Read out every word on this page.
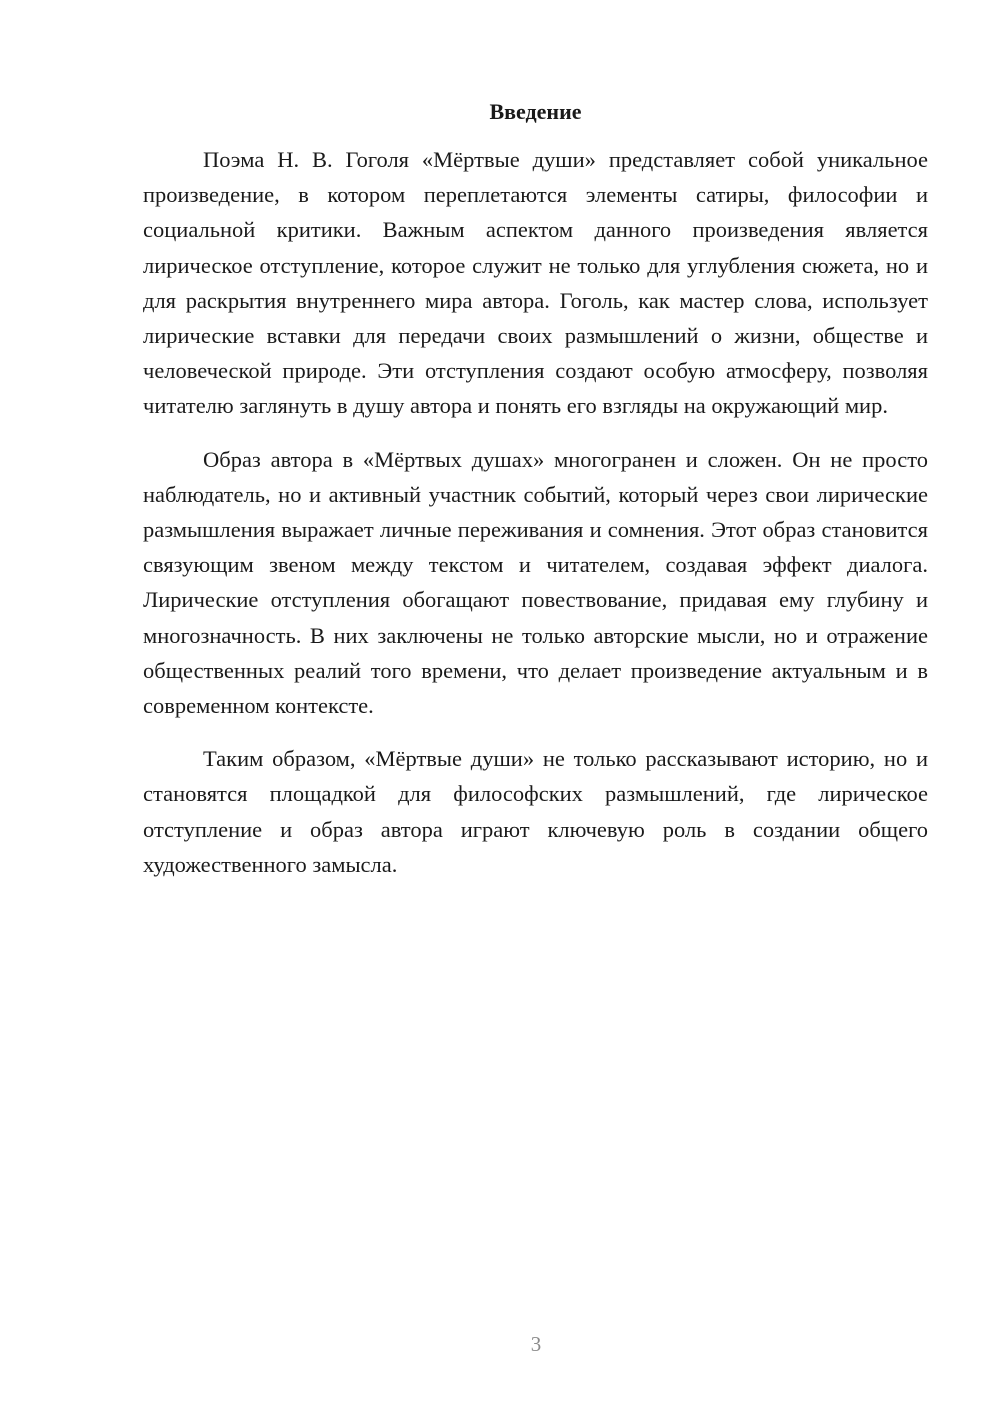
Введение

Поэма Н. В. Гоголя «Мёртвые души» представляет собой уникальное произведение, в котором переплетаются элементы сатиры, философии и социальной критики. Важным аспектом данного произведения является лирическое отступление, которое служит не только для углубления сюжета, но и для раскрытия внутреннего мира автора. Гоголь, как мастер слова, использует лирические вставки для передачи своих размышлений о жизни, обществе и человеческой природе. Эти отступления создают особую атмосферу, позволяя читателю заглянуть в душу автора и понять его взгляды на окружающий мир.

Образ автора в «Мёртвых душах» многогранен и сложен. Он не просто наблюдатель, но и активный участник событий, который через свои лирические размышления выражает личные переживания и сомнения. Этот образ становится связующим звеном между текстом и читателем, создавая эффект диалога. Лирические отступления обогащают повествование, придавая ему глубину и многозначность. В них заключены не только авторские мысли, но и отражение общественных реалий того времени, что делает произведение актуальным и в современном контексте.

Таким образом, «Мёртвые души» не только рассказывают историю, но и становятся площадкой для философских размышлений, где лирическое отступление и образ автора играют ключевую роль в создании общего художественного замысла.

3
